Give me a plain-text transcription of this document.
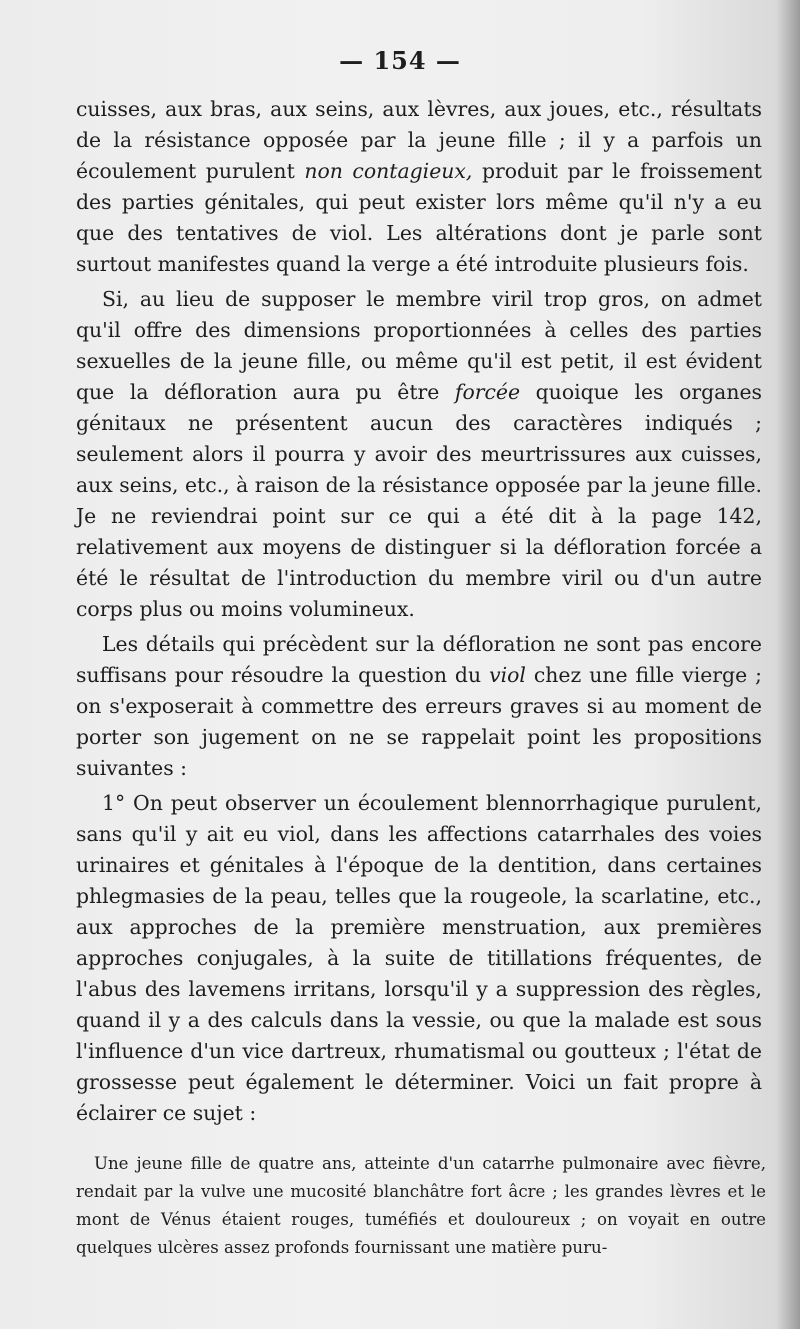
— 154 —

cuisses, aux bras, aux seins, aux lèvres, aux joues, etc., résultats de la résistance opposée par la jeune fille ; il y a parfois un écoulement purulent non contagieux, produit par le froissement des parties génitales, qui peut exister lors même qu'il n'y a eu que des tentatives de viol. Les altérations dont je parle sont surtout manifestes quand la verge a été introduite plusieurs fois.

Si, au lieu de supposer le membre viril trop gros, on admet qu'il offre des dimensions proportionnées à celles des parties sexuelles de la jeune fille, ou même qu'il est petit, il est évident que la défloration aura pu être forcée quoique les organes génitaux ne présentent aucun des caractères indiqués ; seulement alors il pourra y avoir des meurtrissures aux cuisses, aux seins, etc., à raison de la résistance opposée par la jeune fille. Je ne reviendrai point sur ce qui a été dit à la page 142, relativement aux moyens de distinguer si la défloration forcée a été le résultat de l'introduction du membre viril ou d'un autre corps plus ou moins volumineux.

Les détails qui précèdent sur la défloration ne sont pas encore suffisans pour résoudre la question du viol chez une fille vierge ; on s'exposerait à commettre des erreurs graves si au moment de porter son jugement on ne se rappelait point les propositions suivantes :

1° On peut observer un écoulement blennorrhagique purulent, sans qu'il y ait eu viol, dans les affections catarrhales des voies urinaires et génitales à l'époque de la dentition, dans certaines phlegmasies de la peau, telles que la rougeole, la scarlatine, etc., aux approches de la première menstruation, aux premières approches conjugales, à la suite de titillations fréquentes, de l'abus des lavemens irritans, lorsqu'il y a suppression des règles, quand il y a des calculs dans la vessie, ou que la malade est sous l'influence d'un vice dartreux, rhumatismal ou goutteux ; l'état de grossesse peut également le déterminer. Voici un fait propre à éclairer ce sujet :

Une jeune fille de quatre ans, atteinte d'un catarrhe pulmonaire avec fièvre, rendait par la vulve une mucosité blanchâtre fort âcre ; les grandes lèvres et le mont de Vénus étaient rouges, tuméfiés et douloureux ; on voyait en outre quelques ulcères assez profonds fournissant une matière puru-
